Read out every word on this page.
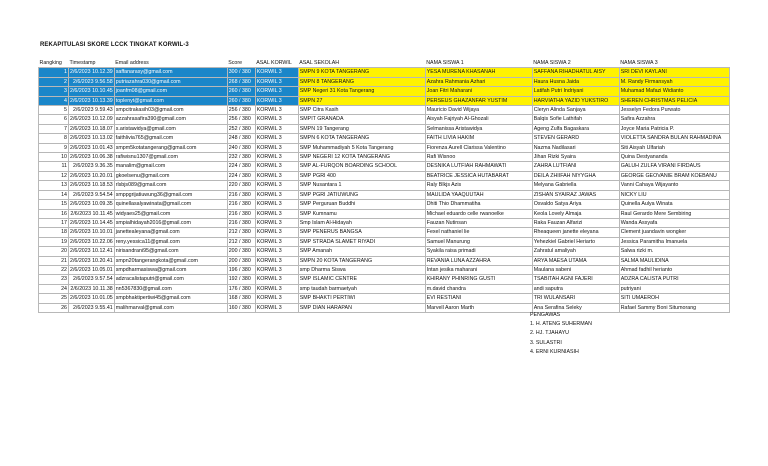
REKAPITULASI SKORE LCCK TINGKAT KORWIL-3
Rangking	Timestamp	Email address	Score	ASAL KORWIL	ASAL SEKOLAH	NAMA SISWA 1	NAMA SISWA 2	NAMA SISWA 3
1	2/6/2023 10.12.39	saffanarasy@gmail.com	300 / 380	KORWIL 3	SMPN 9 KOTA TANGERANG	YESA MURENA KHASANAH	SAFFANA RIHADHATUL AISY	SRI DEVI KAYLANI
2	2/6/2023 9.56.58	putriazahra030@gmail.com	268 / 380	KORWIL 3	SMPN 8 TANGERANG	Azahra Rahmania Azhari	Haura Husna Jaida	M. Randy Firmansyah
3	2/6/2023 10.10.45	joanfm08@gmail.com	260 / 380	KORWIL 3	SMP Negeri 31 Kota Tangerang	Joan Fitri Maharani	Latifah Putri Indriyani	Muhamad Mafazi Widianto
4	2/6/2023 10.13.39	toplenyt@gmail.com	260 / 380	KORWIL 3	SMPN 27	PERSEUS GHAZANFAR YUSTIM	HARVIATHA YAZID YUKSTIRO	SHEREN CHRISTMAS PELICIA
5	2/6/2023 9.59.43	smpcitrakasih03@gmail.com	256 / 380	KORWIL 3	SMP Citra Kasih	Mauricio David Wijaya	Cleryn Alinda Sanjaya	Jesselyn Fedora Purwato
6	2/6/2023 10.12.09	azzahrasafira390@gmail.com	256 / 380	KORWIL 3	SMPIT GRANADA	Aisyah Fajriyah Al-Ghozali	Balqis Sofie Lathifah	Safira Azzahra
7	2/6/2023 10.18.07	s.aristawidya@gmail.com	252 / 380	KORWIL 3	SMPN 19 Tangerang	Selmanissa Aristawidya	Ageng Zulfa Bagaskara	Joyce Maria Patricia P.
8	2/6/2023 10.13.02	faithlivia765@gmail.com	248 / 380	KORWIL 3	SMPN 6 KOTA TANGERANG	FAITH LIVIA HAKIM	STEVEN GERARD	VIOLETTA SANDRA BULAN RAHMADINA
9	2/6/2023 10.01.43	smpm5kotatangerang@gmail.com	240 / 380	KORWIL 3	SMP Muhammadiyah 5 Kota Tangerang	Fiorenza Aurell Clarissa Valentino	Nazma Nadilasari	Siti Aisyah Ulfariah
10	2/6/2023 10.06.38	rafiwisnu1307@gmail.com	232 / 380	KORWIL 3	SMP NEGERI 12 KOTA TANGERANG	Rafi Wisnoo	Jihan Rizki Syaira	Quina Destyananda
11	2/6/2023 9.36.35	manalim@gmail.com	224 / 380	KORWIL 3	SMP AL-FURQON BOARDING SCHOOL	DESNIKA LUTFIAH RAHMAWATI	ZAHRA LUTFIANI	GALUH ZULFA VIRANI FIRDAUS
12	2/6/2023 10.20.01	gkoelsenu@gmail.com	224 / 380	KORWIL 3	SMP PGRI 400	BEATRICE JESSICA HUTABARAT	DEILA ZHIIFAH NIYYGHA	GEORGE GEOVANIE BRAM KOEBANU
13	2/6/2023 10.18.53	rlsbjs089@gmail.com	220 / 380	KORWIL 3	SMP Nusantara 1	Raly Blkjs Azis	Melyana Gabriella	Vanni Cahaya Wijayanto
14	2/6/2023 9.54.54	smppgrijatiuwung36@gmail.com	216 / 380	KORWIL 3	SMP PGRI JATIUWUNG	MAULIDA YAAQUUTAH	ZISHAN SYAIRAZ JAWAS	NICKY LIU
15	2/6/2023 10.09.35	quinellasalyawinata@gmail.com	216 / 380	KORWIL 3	SMP Perguruan Buddhi	Dhiti Thio Dhammatiha	Osvaldo Satya Ariya	Quinella Aulya Winata
16	2/6/2023 10.11.45	widyaes25@gmail.com	216 / 380	KORWIL 3	SMP Kumnamu	Michael eduardo celle rwanoelke	Keola Lovely Almaja	Raul Gerardo Mere Sembiring
17	2/6/2023 10.14.45	smpialhidayah2016@gmail.com	216 / 380	KORWIL 3	Smp Islam Al-Hidayah	Fauzan Nutinsan	Raka Fauzan Alfarizi	Wanda Assyafa
18	2/6/2023 10.10.01	janettealeyana@gmail.com	212 / 380	KORWIL 3	SMP PENERUS BANGSA	Fexel nathaniel lie	Rheaqueen janette eleyana	Clement juandavin wongker
19	2/6/2023 10.22.06	reny.yessica11@gmail.com	212 / 380	KORWIL 3	SMP STRADA SLAMET RIYADI	Samuel Manurung	Yehezkiel Gabriel Heriarto	Jessica Paramitha Imanuela
20	2/6/2023 10.12.41	nirisandrani95@gmail.com	200 / 380	KORWIL 3	SMP Amanah	Syakila raisa primadi	Zahratul amaliyah	Salwa rizki m.
21	2/6/2023 10.20.41	smpn20tangerangkota@gmail.com	200 / 380	KORWIL 3	SMPN 20 KOTA TANGERANG	REVANIA LUNA AZZAHRA	ARYA MAESA UTAMA	SALMA MAULIDINA
22	2/6/2023 10.05.01	smpdharmasiswa@gmail.com	196 / 380	KORWIL 3	smp Dharma Siswa	Intan jesika maharani	Maulana sabeni	Ahmad fadhil herianto
23	2/6/2023 9.57.54	adzracalistaputri@gmail.com	192 / 380	KORWIL 3	SMP ISLAMIC CENTRE	KHIRANY PHINRING GUSTI	TSABITAH AGNI FAJERI	ADZRA CALISTA PUTRI
24	2/6/2023 10.11.38	nn5367830@gmail.com	176 / 380	KORWIL 3	smp taudah barmaetyah	m.david chandra	andi saputra	putriyani
25	2/6/2023 10.01.05	smpbhaktipertiwi45@gmail.com	168 / 380	KORWIL 3	SMP BHAKTI PERTIWI	EVI RESTIANI	TRI WULANSARI	SITI UMAEROH
26	2/6/2023 9.55.41	malihmarval@gmail.com	160 / 380	KORWIL 3	SMP DIAN HARAPAN	Marvell Aaron Marth	Ana Serafina Seleky	Rafael Sammy Boni Situmorang
PENGAWAS
1. H. ATENG SUHERMAN
2. HJ. TJAHAYU
3. SULASTRI
4. ERNI KURNIASIH
